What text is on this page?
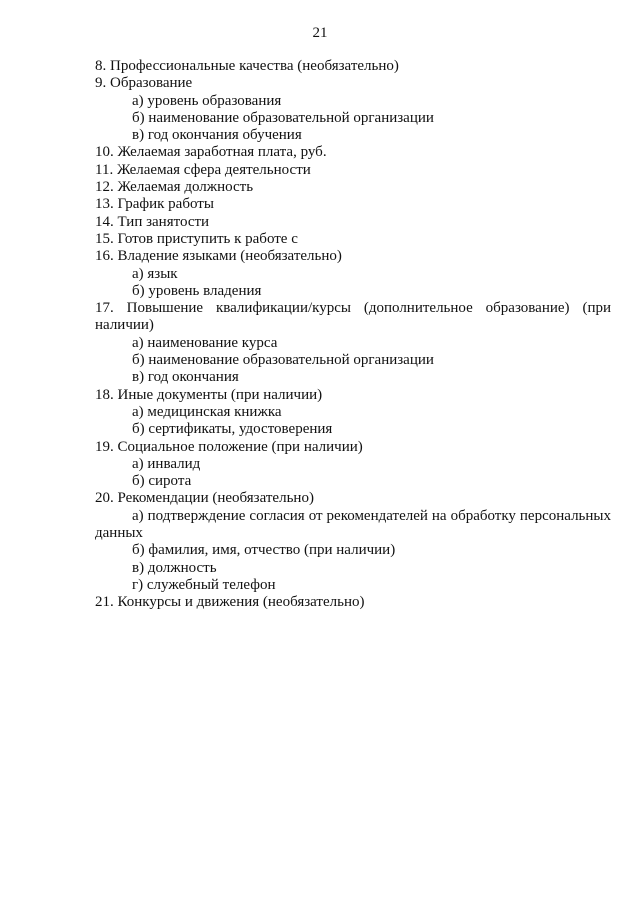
21
8. Профессиональные качества (необязательно)
9. Образование
а) уровень образования
б) наименование образовательной организации
в) год окончания обучения
10. Желаемая заработная плата, руб.
11. Желаемая сфера деятельности
12. Желаемая должность
13. График работы
14. Тип занятости
15. Готов приступить к работе с
16. Владение языками (необязательно)
а) язык
б) уровень владения
17. Повышение квалификации/курсы (дополнительное образование) (при
наличии)
а) наименование курса
б) наименование образовательной организации
в) год окончания
18. Иные документы (при наличии)
а) медицинская книжка
б) сертификаты, удостоверения
19. Социальное положение (при наличии)
а) инвалид
б) сирота
20. Рекомендации (необязательно)
а) подтверждение согласия от рекомендателей на обработку персональных
данных
б) фамилия, имя, отчество (при наличии)
в) должность
г) служебный телефон
21. Конкурсы и движения (необязательно)
